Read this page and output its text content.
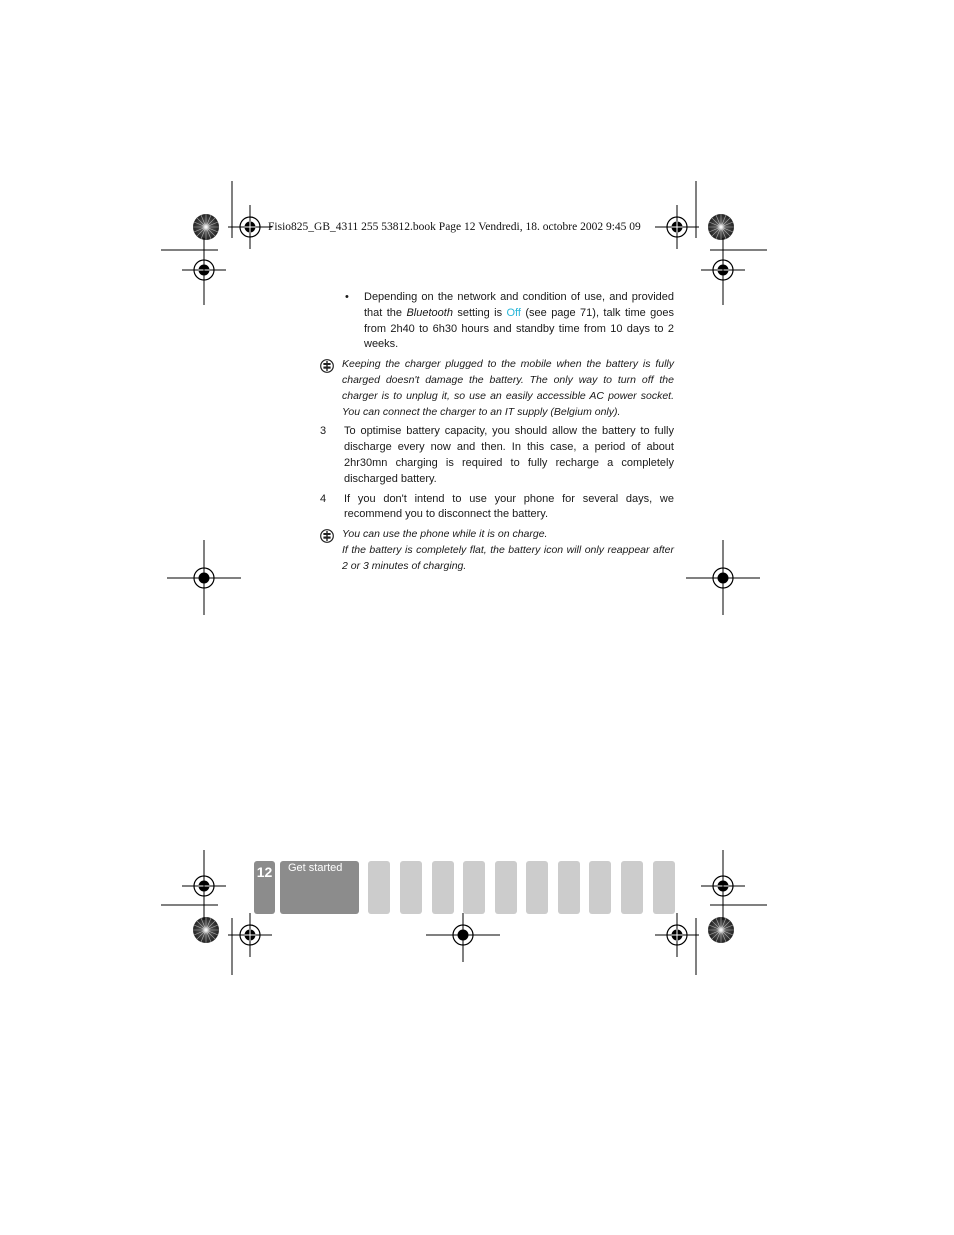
Fisio825_GB_4311 255 53812.book Page 12 Vendredi, 18. octobre 2002 9:45 09
• Depending on the network and condition of use, and provided that the Bluetooth setting is Off (see page 71), talk time goes from 2h40 to 6h30 hours and standby time from 10 days to 2 weeks.
Keeping the charger plugged to the mobile when the battery is fully charged doesn't damage the battery. The only way to turn off the charger is to unplug it, so use an easily accessible AC power socket. You can connect the charger to an IT supply (Belgium only).
3 To optimise battery capacity, you should allow the battery to fully discharge every now and then. In this case, a period of about 2hr30mn charging is required to fully recharge a completely discharged battery.
4 If you don't intend to use your phone for several days, we recommend you to disconnect the battery.
You can use the phone while it is on charge.
If the battery is completely flat, the battery icon will only reappear after 2 or 3 minutes of charging.
12	Get started
